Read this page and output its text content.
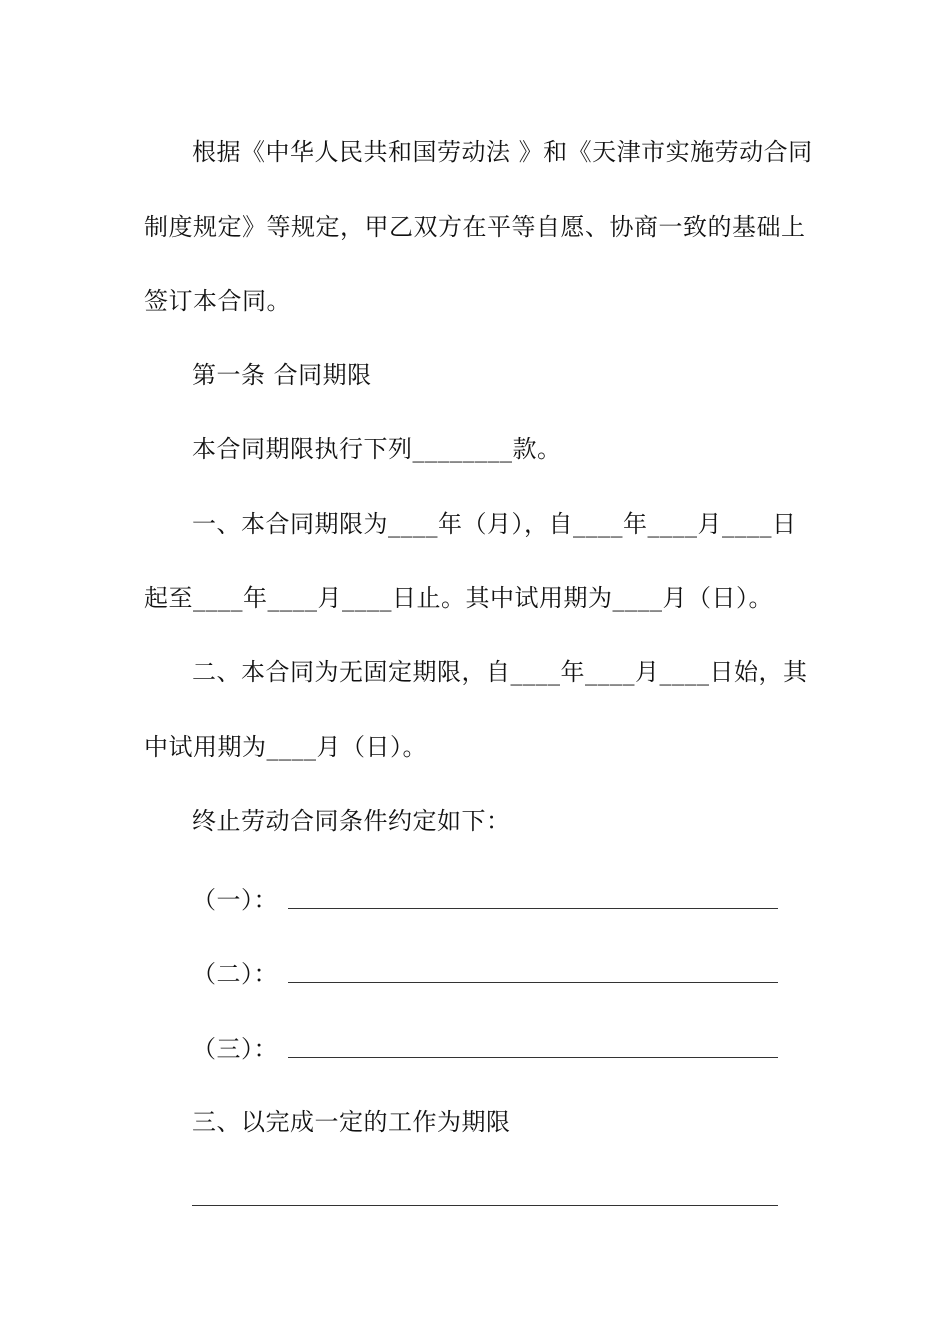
根据《中华人民共和国劳动法 》和《天津市实施劳动合同
制度规定》等规定，甲乙双方在平等自愿、协商一致的基础上
签订本合同。
第一条 合同期限
本合同期限执行下列________款。
一、本合同期限为____年（月），自____年____月____日
起至____年____月____日止。其中试用期为____月（日）。
二、本合同为无固定期限，自____年____月____日始，其
中试用期为____月（日）。
终止劳动合同条件约定如下：
（一）：
（二）：
（三）：
三、以完成一定的工作为期限
